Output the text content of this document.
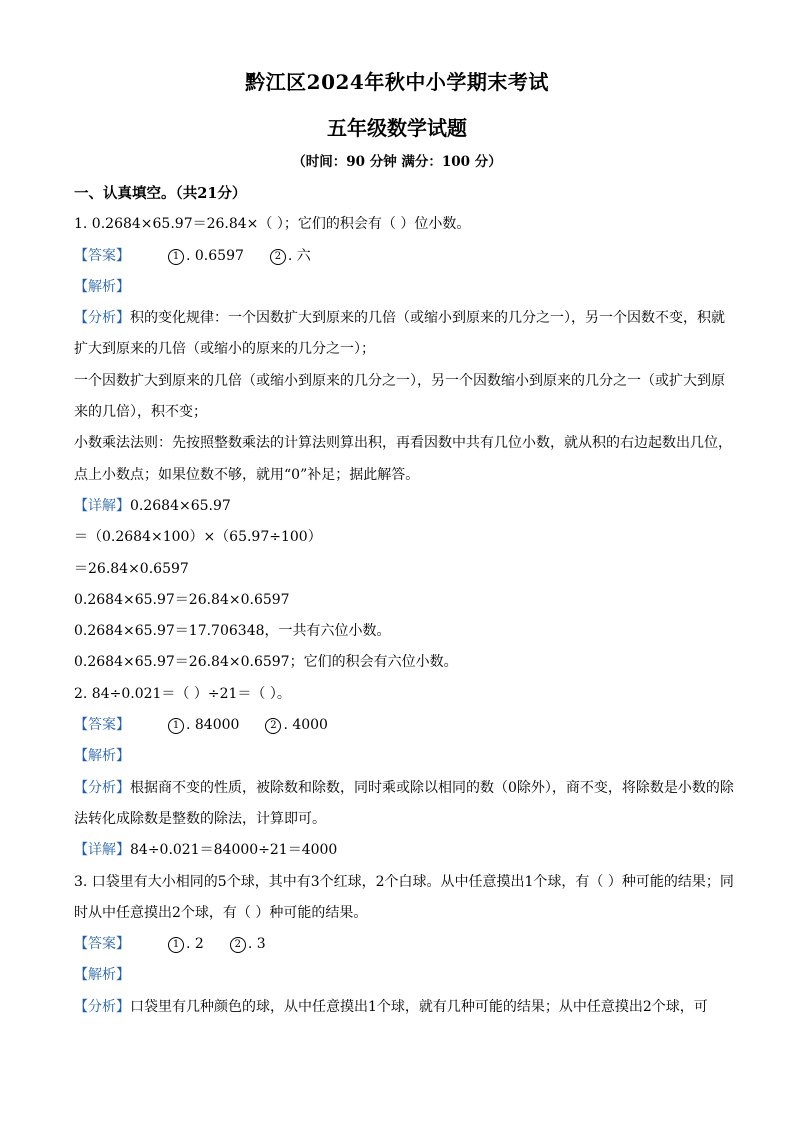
黔江区2024年秋中小学期末考试
五年级数学试题
（时间：90 分钟 满分：100 分）
一、认真填空。（共21分）
1. 0.2684×65.97＝26.84×（ ）；它们的积会有（ ）位小数。
【答案】	1 . 0.6597	2 . 六
【解析】
【分析】积的变化规律：一个因数扩大到原来的几倍（或缩小到原来的几分之一），另一个因数不变，积就扩大到原来的几倍（或缩小的原来的几分之一）；
一个因数扩大到原来的几倍（或缩小到原来的几分之一），另一个因数缩小到原来的几分之一（或扩大到原来的几倍），积不变；
小数乘法法则：先按照整数乘法的计算法则算出积，再看因数中共有几位小数，就从积的右边起数出几位，点上小数点；如果位数不够，就用“0”补足；据此解答。
【详解】0.2684×65.97
＝（0.2684×100）×（65.97÷100）
＝26.84×0.6597
0.2684×65.97＝26.84×0.6597
0.2684×65.97＝17.706348，一共有六位小数。
0.2684×65.97＝26.84×0.6597；它们的积会有六位小数。
2. 84÷0.021＝（ ）÷21＝（ ）。
【答案】	1 . 84000	2 . 4000
【解析】
【分析】根据商不变的性质，被除数和除数，同时乘或除以相同的数（0除外），商不变，将除数是小数的除法转化成除数是整数的除法，计算即可。
【详解】84÷0.021＝84000÷21＝4000
3. 口袋里有大小相同的5个球，其中有3个红球，2个白球。从中任意摸出1个球，有（ ）种可能的结果；同时从中任意摸出2个球，有（ ）种可能的结果。
【答案】	1 . 2	2 . 3
【解析】
【分析】口袋里有几种颜色的球，从中任意摸出1个球，就有几种可能的结果；从中任意摸出2个球，可
